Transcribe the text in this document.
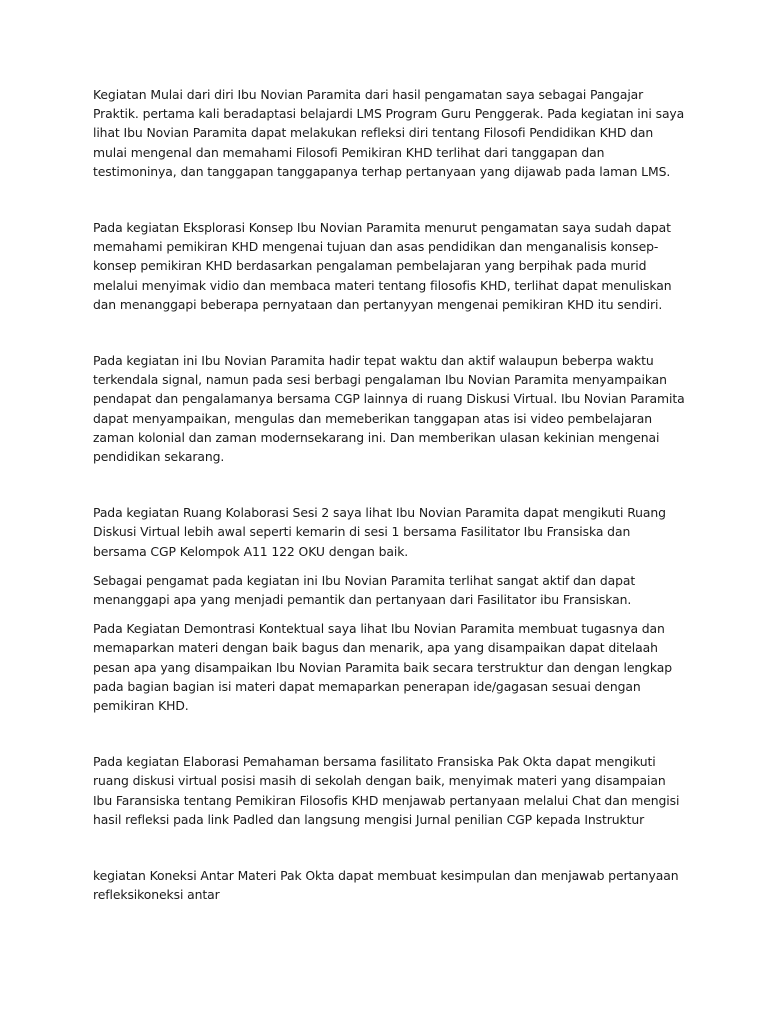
Kegiatan Mulai dari diri Ibu Novian Paramita dari hasil pengamatan saya sebagai Pangajar Praktik. pertama kali beradaptasi belajardi LMS Program Guru Penggerak. Pada kegiatan ini saya lihat Ibu Novian Paramita dapat melakukan refleksi diri tentang Filosofi Pendidikan KHD dan mulai mengenal dan memahami Filosofi Pemikiran KHD terlihat dari tanggapan dan testimoninya, dan tanggapan tanggapanya terhap pertanyaan yang dijawab pada laman LMS.

Pada kegiatan Eksplorasi Konsep Ibu Novian Paramita menurut pengamatan saya sudah dapat memahami pemikiran KHD mengenai tujuan dan asas pendidikan dan menganalisis konsep-konsep pemikiran KHD berdasarkan pengalaman pembelajaran yang berpihak pada murid melalui menyimak vidio dan membaca materi tentang filosofis KHD, terlihat dapat menuliskan dan menanggapi beberapa pernyataan dan pertanyyan mengenai pemikiran KHD itu sendiri.

Pada kegiatan ini Ibu Novian Paramita hadir tepat waktu dan aktif walaupun beberpa waktu terkendala signal, namun pada sesi berbagi pengalaman Ibu Novian Paramita menyampaikan pendapat dan pengalamanya bersama CGP lainnya di ruang Diskusi Virtual. Ibu Novian Paramita dapat menyampaikan, mengulas dan memeberikan tanggapan atas isi video pembelajaran zaman kolonial dan zaman modernsekarang ini. Dan memberikan ulasan kekinian mengenai pendidikan sekarang.

Pada kegiatan Ruang Kolaborasi Sesi 2 saya lihat Ibu Novian Paramita dapat mengikuti Ruang Diskusi Virtual lebih awal seperti kemarin di sesi 1 bersama Fasilitator Ibu Fransiska dan bersama CGP Kelompok A11 122 OKU dengan baik.

Sebagai pengamat pada kegiatan ini Ibu Novian Paramita terlihat sangat aktif dan dapat menanggapi apa yang menjadi pemantik dan pertanyaan dari Fasilitator ibu Fransiskan.

Pada Kegiatan Demontrasi Kontektual saya lihat Ibu Novian Paramita membuat tugasnya dan memaparkan materi dengan baik bagus dan menarik, apa yang disampaikan dapat ditelaah pesan apa yang disampaikan Ibu Novian Paramita baik secara terstruktur dan dengan lengkap pada bagian bagian isi materi dapat memaparkan penerapan ide/gagasan sesuai dengan pemikiran KHD.

Pada kegiatan Elaborasi Pemahaman bersama fasilitato Fransiska Pak Okta dapat mengikuti ruang diskusi virtual posisi masih di sekolah dengan baik, menyimak materi yang disampaian Ibu Faransiska tentang Pemikiran Filosofis KHD menjawab pertanyaan melalui Chat dan mengisi hasil refleksi pada link Padled dan langsung mengisi Jurnal penilian CGP kepada Instruktur

kegiatan Koneksi Antar Materi Pak Okta dapat membuat kesimpulan dan menjawab pertanyaan refleksikoneksi antar
